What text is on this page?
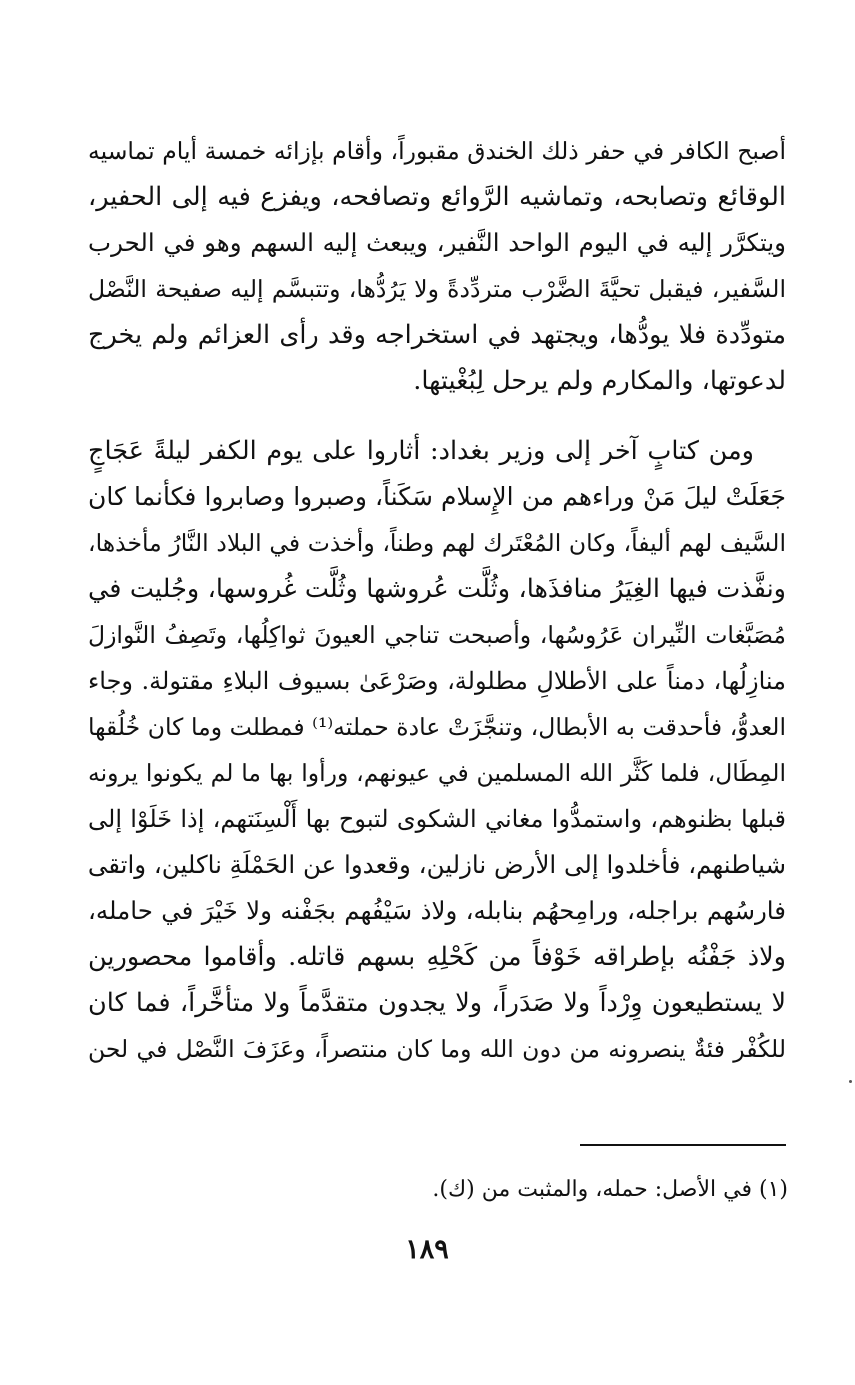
أصبح الكافر في حفر ذلك الخندق مقبوراً، وأقام بإزائه خمسة أيام تماسيه
الوقائع وتصابحه، وتماشيه الرَّوائع وتصافحه، ويفزع فيه إلى الحفير،
ويتكرَّر إليه في اليوم الواحد النَّفير، ويبعث إليه السهم وهو في الحرب
السَّفير، فيقبل تحيَّةَ الضَّرْب متردِّدةً ولا يَرُدُّها، وتتبسَّم إليه صفيحة النَّصْل
متودِّدة فلا يودُّها، ويجتهد في استخراجه وقد رأى العزائم ولم يخرج
لدعوتها، والمكارم ولم يرحل لِبُغْيتها.
ومن كتابٍ آخر إلى وزير بغداد: أثاروا على يوم الكفر ليلةً عَجَاجٍ
جَعَلَتْ ليلَ مَنْ وراءهم من الإِسلام سَكَناً، وصبروا وصابروا فكأنما كان
السَّيف لهم أليفاً، وكان المُعْتَرك لهم وطناً، وأخذت في البلاد النَّارُ مأخذها،
ونفَّذت فيها الغِيَرُ منافذَها، وثُلَّت عُروشها وثُلَّت غُروسها، وجُليت في
مُصَبَّغات النِّيران عَرُوسُها، وأصبحت تناجي العيونَ ثواكِلُها، وتَصِفُ النَّوازلَ
منازِلُها، دمناً على الأطلالِ مطلولة، وصَرْعَىٰ بسيوف البلاءِ مقتولة. وجاء
العدوُّ، فأحدقت به الأبطال، وتنجَّزَتْ عادة حملته⁽¹⁾ فمطلت وما كان خُلُقها
المِطَال، فلما كَثَّر الله المسلمين في عيونهم، ورأوا بها ما لم يكونوا يرونه
قبلها بظنوهم، واستمدُّوا مغاني الشكوى لتبوح بها أَلْسِنَتهم، إذا خَلَوْا إلى
شياطنهم، فأخلدوا إلى الأرض نازلين، وقعدوا عن الحَمْلَةِ ناكلين، واتقى
فارسُهم براجله، ورامِحهُم بنابله، ولاذ سَيْفُهم بجَفْنه ولا خَيْرَ في حامله،
ولاذ جَفْنُه بإطراقه خَوْفاً من كَحْلِهِ بسهم قاتله. وأقاموا محصورين
لا يستطيعون وِرْداً ولا صَدَراً، ولا يجدون متقدَّماً ولا متأخَّراً، فما كان
للكُفْر فئةٌ ينصرونه من دون الله وما كان منتصراً، وعَزَفَ النَّصْل في لحن
(١) في الأصل: حمله، والمثبت من (ك).
١٨٩
